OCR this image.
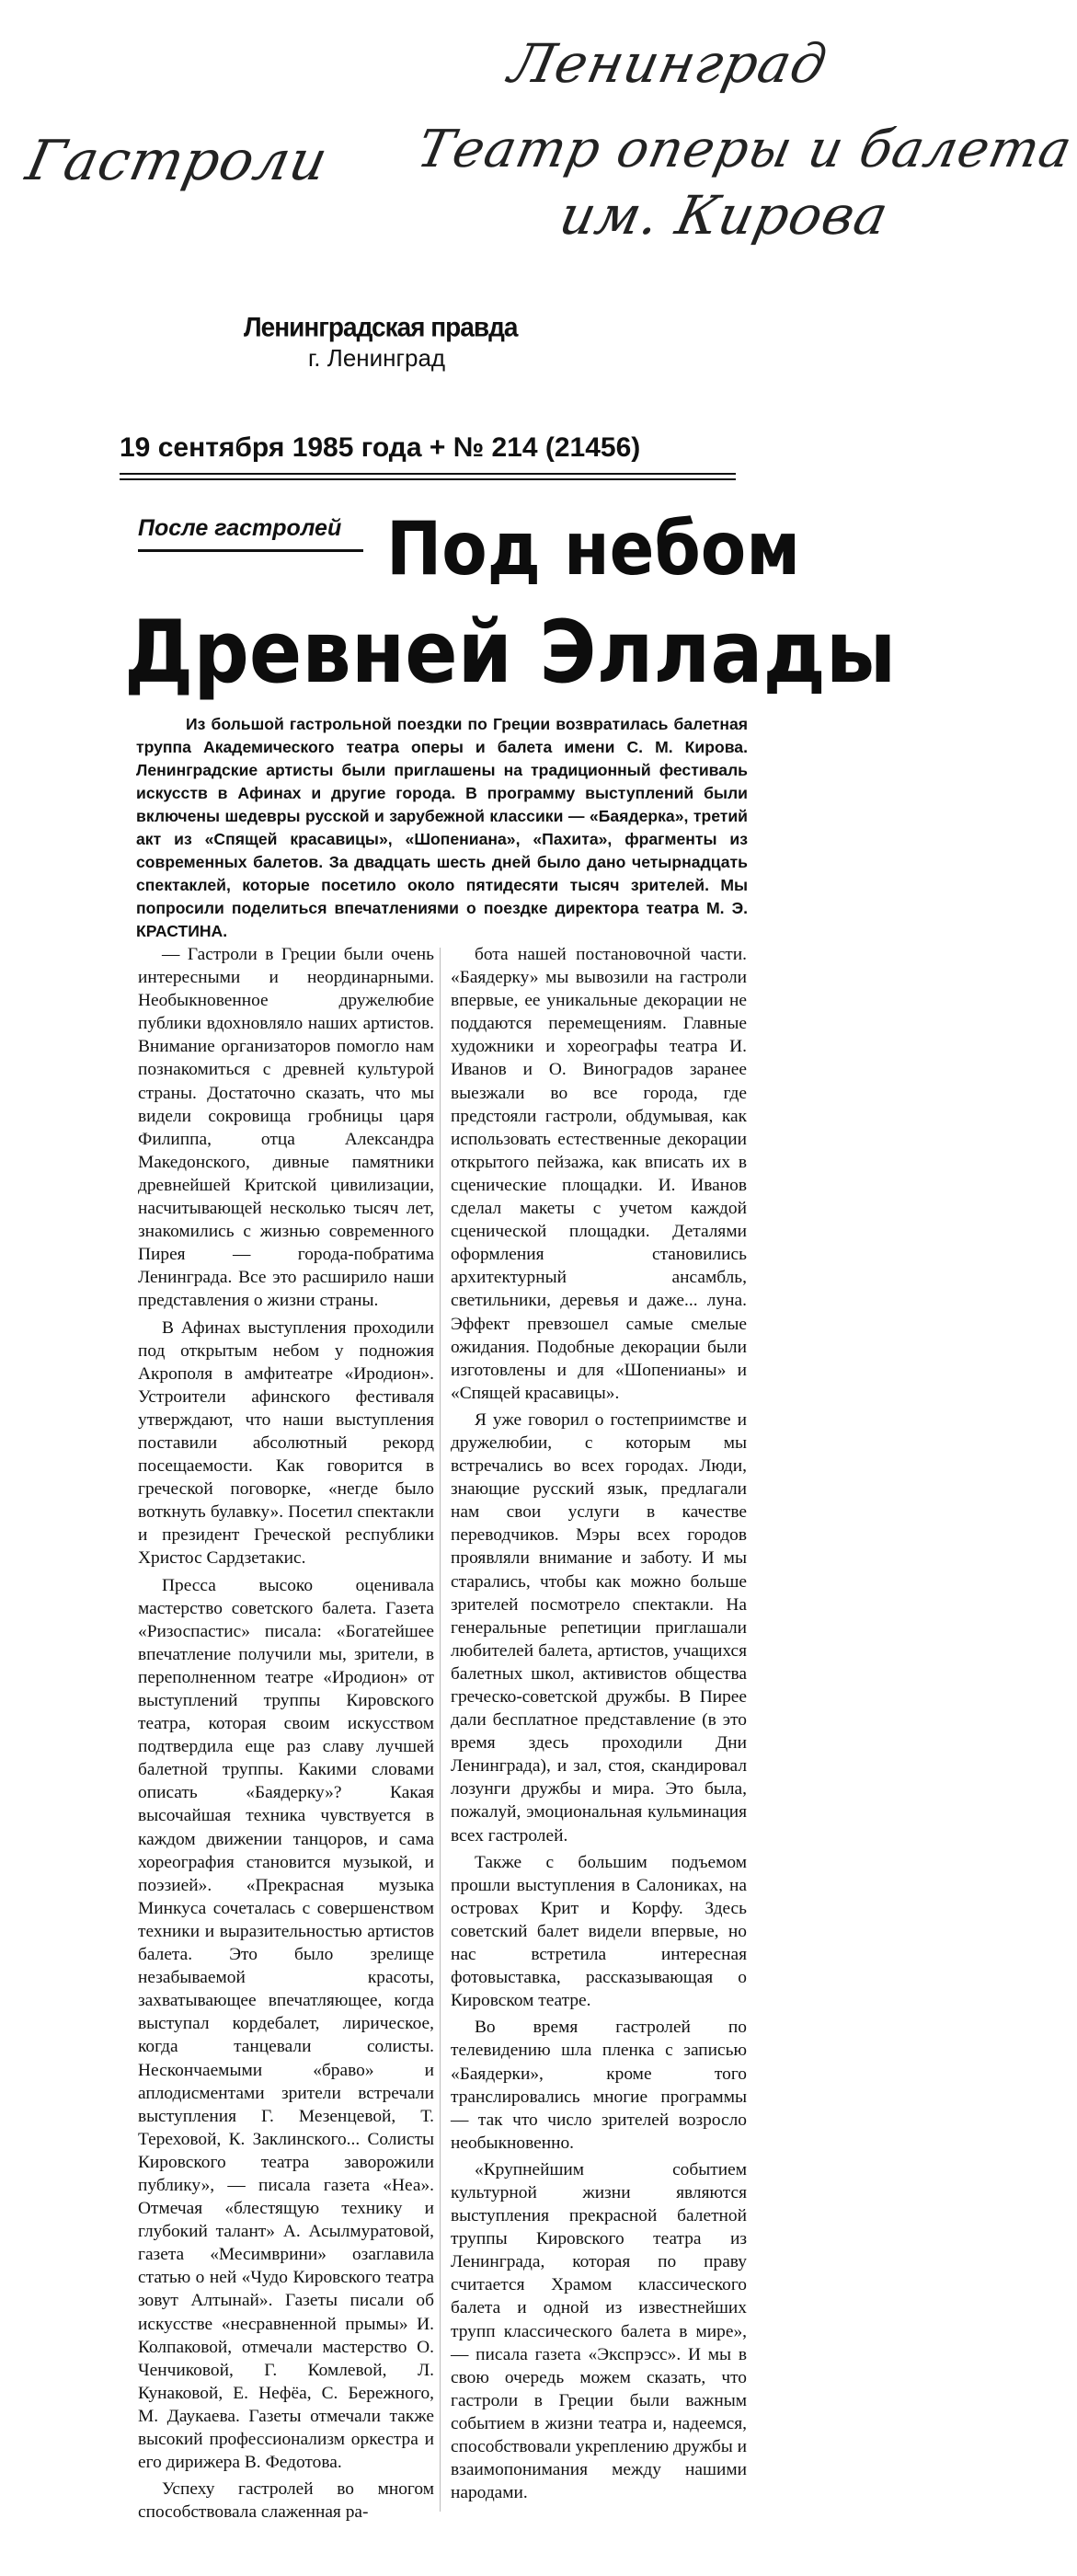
Гастроли
Ленинград
Театр оперы и балета
им. Кирова
Ленинградская правда
г. Ленинград
19 сентября 1985 года + № 214 (21456)
После гастролей Под небом
Древней Эллады
Из большой гастрольной поездки по Греции возвратилась балетная труппа Академического театра оперы и балета имени С. М. Кирова. Ленинградские артисты были приглашены на традиционный фестиваль искусств в Афинах и другие города. В программу выступлений были включены шедевры русской и зарубежной классики — «Баядерка», третий акт из «Спящей красавицы», «Шопениана», «Пахита», фрагменты из современных балетов. За двадцать шесть дней было дано четырнадцать спектаклей, которые посетило около пятидесяти тысяч зрителей. Мы попросили поделиться впечатлениями о поездке директора театра М. Э. КРАСТИНА.

— Гастроли в Греции были очень интересными и неординарными. Необыкновенное дружелюбие публики вдохновляло наших артистов. Внимание организаторов помогло нам познакомиться с древней культурой страны. Достаточно сказать, что мы видели сокровища гробницы царя Филиппа, отца Александра Македонского, дивные памятники древнейшей Критской цивилизации, насчитывающей несколько тысяч лет, знакомились с жизнью современного Пирея — города-побратима Ленинграда. Все это расширило наши представления о жизни страны.

В Афинах выступления проходили под открытым небом у подножия Акрополя в амфитеатре «Иродион». Устроители афинского фестиваля утверждают, что наши выступления поставили абсолютный рекорд посещаемости. Как говорится в греческой поговорке, «негде было воткнуть булавку». Посетил спектакли и президент Греческой республики Христос Сардзетакис.

Пресса высоко оценивала мастерство советского балета. Газета «Ризоспастис» писала: «Богатейшее впечатление получили мы, зрители, в переполненном театре «Иродион» от выступлений труппы Кировского театра, которая своим искусством подтвердила еще раз славу лучшей балетной труппы. Какими словами описать «Баядерку»? Какая высочайшая техника чувствуется в каждом движении танцоров, и сама хореография становится музыкой, и поэзией». «Прекрасная музыка Минкуса сочеталась с совершенством техники и выразительностью артистов балета. Это было зрелище незабываемой красоты, захватывающее впечатляющее, когда выступал кордебалет, лирическое, когда танцевали солисты. Нескончаемыми «браво» и аплодисментами зрители встречали выступления Г. Мезенцевой, Т. Тереховой, К. Заклинского... Солисты Кировского театра заворожили публику», — писала газета «Неа». Отмечая «блестящую технику и глубокий талант» А. Асылмуратовой, газета «Месимврини» озаглавила статью о ней «Чудо Кировского театра зовут Алтынай». Газеты писали об искусстве «несравненной прымы» И. Колпаковой, отмечали мастерство О. Ченчиковой, Г. Комлевой, Л. Кунаковой, Е. Нефёа, С. Бережного, М. Даукаева. Газеты отмечали также высокий профессионализм оркестра и его дирижера В. Федотова.

Успеху гастролей во многом способствовала слаженная ра-

бота нашей постановочной части. «Баядерку» мы вывозили на гастроли впервые, ее уникальные декорации не поддаются перемещениям. Главные художники и хореографы театра И. Иванов и О. Виноградов заранее выезжали во все города, где предстояли гастроли, обдумывая, как использовать естественные декорации открытого пейзажа, как вписать их в сценические площадки. И. Иванов сделал макеты с учетом каждой сценической площадки. Деталями оформления становились архитектурный ансамбль, светильники, деревья и даже... луна. Эффект превзошел самые смелые ожидания. Подобные декорации были изготовлены и для «Шопенианы» и «Спящей красавицы».

Я уже говорил о гостеприимстве и дружелюбии, с которым мы встречались во всех городах. Люди, знающие русский язык, предлагали нам свои услуги в качестве переводчиков. Мэры всех городов проявляли внимание и заботу. И мы старались, чтобы как можно больше зрителей посмотрело спектакли. На генеральные репетиции приглашали любителей балета, артистов, учащихся балетных школ, активистов общества греческо-советской дружбы. В Пирее дали бесплатное представление (в это время здесь проходили Дни Ленинграда), и зал, стоя, скандировал лозунги дружбы и мира. Это была, пожалуй, эмоциональная кульминация всех гастролей.

Также с большим подъемом прошли выступления в Салониках, на островах Крит и Корфу. Здесь советский балет видели впервые, но нас встретила интересная фотовыставка, рассказывающая о Кировском театре.

Во время гастролей по телевидению шла пленка с записью «Баядерки», кроме того транслировались многие программы — так что число зрителей возросло необыкновенно.

«Крупнейшим событием культурной жизни являются выступления прекрасной балетной труппы Кировского театра из Ленинграда, которая по праву считается Храмом классического балета и одной из известнейших трупп классического балета в мире», — писала газета «Экспрэсс». И мы в свою очередь можем сказать, что гастроли в Греции были важным событием в жизни театра и, надеемся, способствовали укреплению дружбы и взаимопонимания между нашими народами.
